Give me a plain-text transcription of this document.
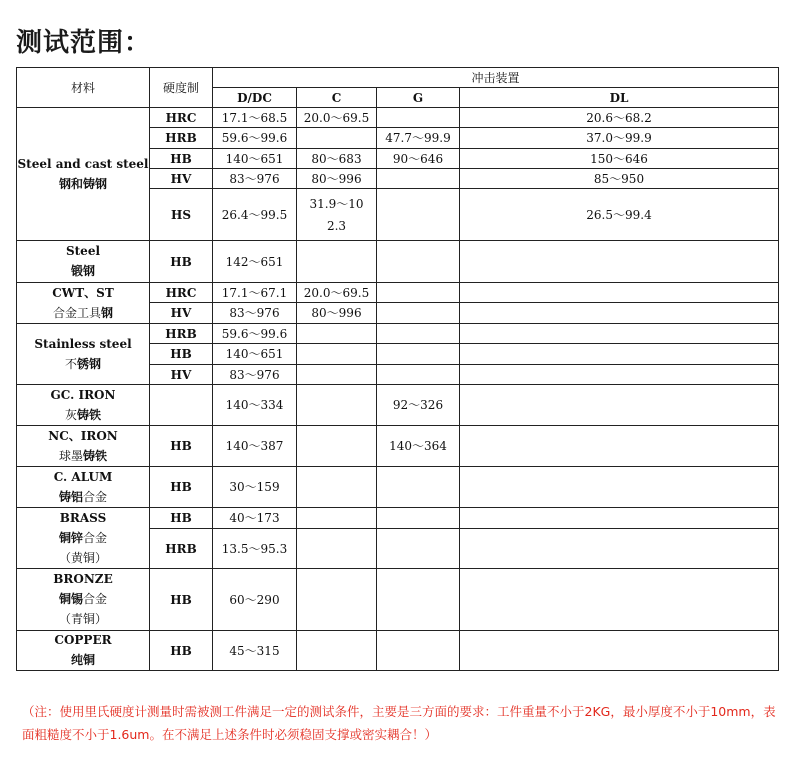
测试范围：
材料	硬度制	冲击装置			
		D/DC	C	G	DL

Steel and cast steel
钢和铸钢	HRC	17.1～68.5	20.0～69.5		20.6～68.2
	HRB	59.6～99.6		47.7～99.9	37.0～99.9
	HB	140～651	80～683	90～646	150～646
	HV	83～976	80～996		85～950
	HS	26.4～99.5	31.9～102.3		26.5～99.4

Steel
锻钢	HB	142～651			

CWT、ST
合金工具钢	HRC	17.1～67.1	20.0～69.5		
	HV	83～976	80～996		

Stainless steel
不锈钢	HRB	59.6～99.6			
	HB	140～651			
	HV	83～976			

GC. IRON
灰铸铁		140～334		92～326	

NC、IRON
球墨铸铁	HB	140～387		140～364	

C. ALUM
铸铝合金	HB	30～159			

BRASS
铜锌合金
（黄铜）	HB	40～173			
	HRB	13.5～95.3			

BRONZE
铜锡合金
（青铜）	HB	60～290			

COPPER
纯铜	HB	45～315			
（注：使用里氏硬度计测量时需被测工件满足一定的测试条件，主要是三方面的要求：工件重量不小于2KG，最小厚度不小于10mm，表面粗糙度不小于1.6um。在不满足上述条件时必须稳固支撑或密实耦合！）
